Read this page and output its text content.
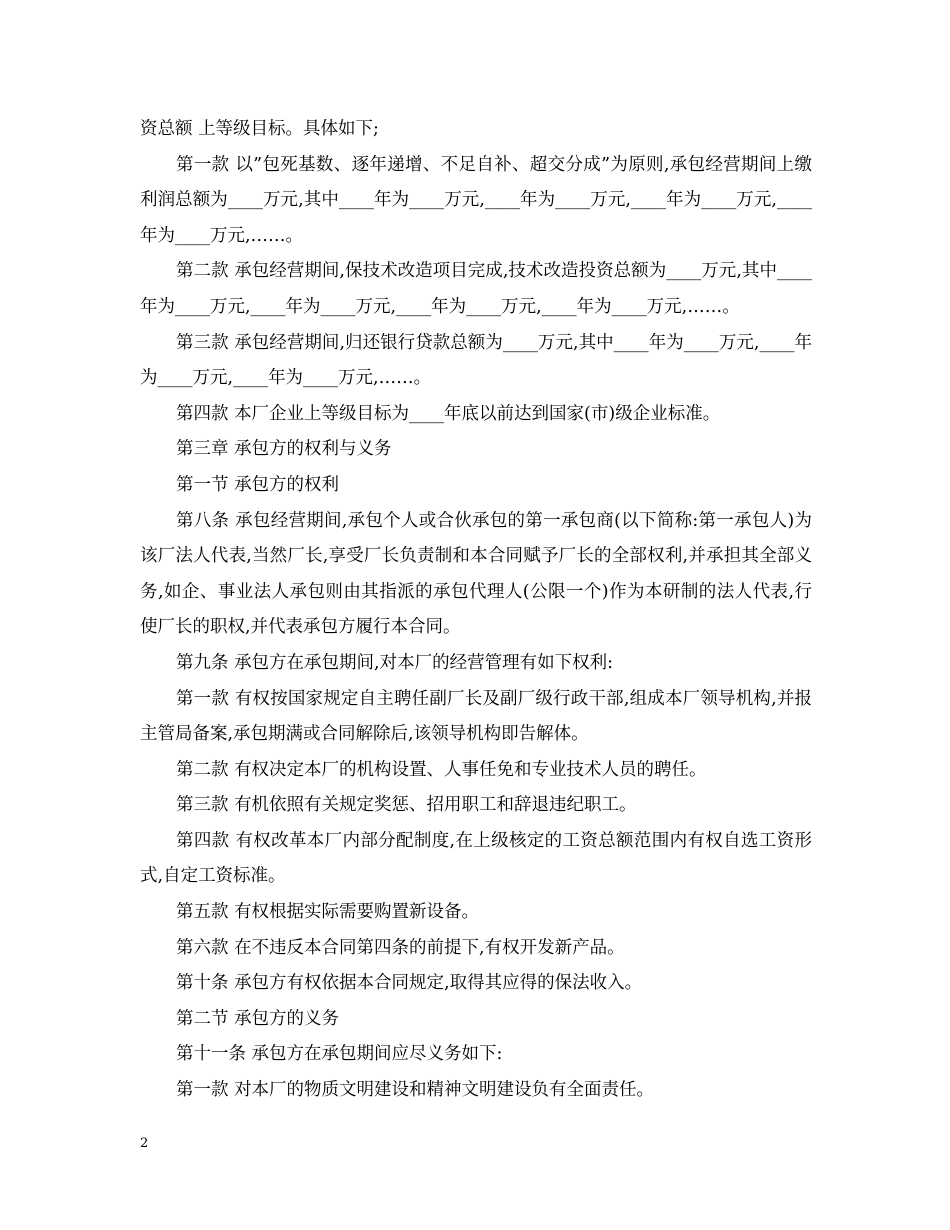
资总额 上等级目标。具体如下;

第一款 以”包死基数、逐年递增、不足自补、超交分成”为原则,承包经营期间上缴利润总额为____万元,其中____年为____万元,____年为____万元,____年为____万元,____年为____万元,……。

第二款 承包经营期间,保技术改造项目完成,技术改造投资总额为____万元,其中____年为____万元,____年为____万元,____年为____万元,____年为____万元,……。

第三款 承包经营期间,归还银行贷款总额为____万元,其中____年为____万元,____年为____万元,____年为____万元,……。

第四款 本厂企业上等级目标为____年底以前达到国家(市)级企业标准。

第三章 承包方的权利与义务

第一节 承包方的权利

第八条 承包经营期间,承包个人或合伙承包的第一承包商(以下简称:第一承包人)为该厂法人代表,当然厂长,享受厂长负责制和本合同赋予厂长的全部权利,并承担其全部义务,如企、事业法人承包则由其指派的承包代理人(公限一个)作为本研制的法人代表,行使厂长的职权,并代表承包方履行本合同。

第九条 承包方在承包期间,对本厂的经营管理有如下权利:

第一款 有权按国家规定自主聘任副厂长及副厂级行政干部,组成本厂领导机构,并报主管局备案,承包期满或合同解除后,该领导机构即告解体。

第二款 有权决定本厂的机构设置、人事任免和专业技术人员的聘任。

第三款 有机依照有关规定奖惩、招用职工和辞退违纪职工。

第四款 有权改革本厂内部分配制度,在上级核定的工资总额范围内有权自选工资形式,自定工资标准。

第五款 有权根据实际需要购置新设备。

第六款 在不违反本合同第四条的前提下,有权开发新产品。

第十条 承包方有权依据本合同规定,取得其应得的保法收入。

第二节 承包方的义务

第十一条 承包方在承包期间应尽义务如下:

第一款 对本厂的物质文明建设和精神文明建设负有全面责任。

2
